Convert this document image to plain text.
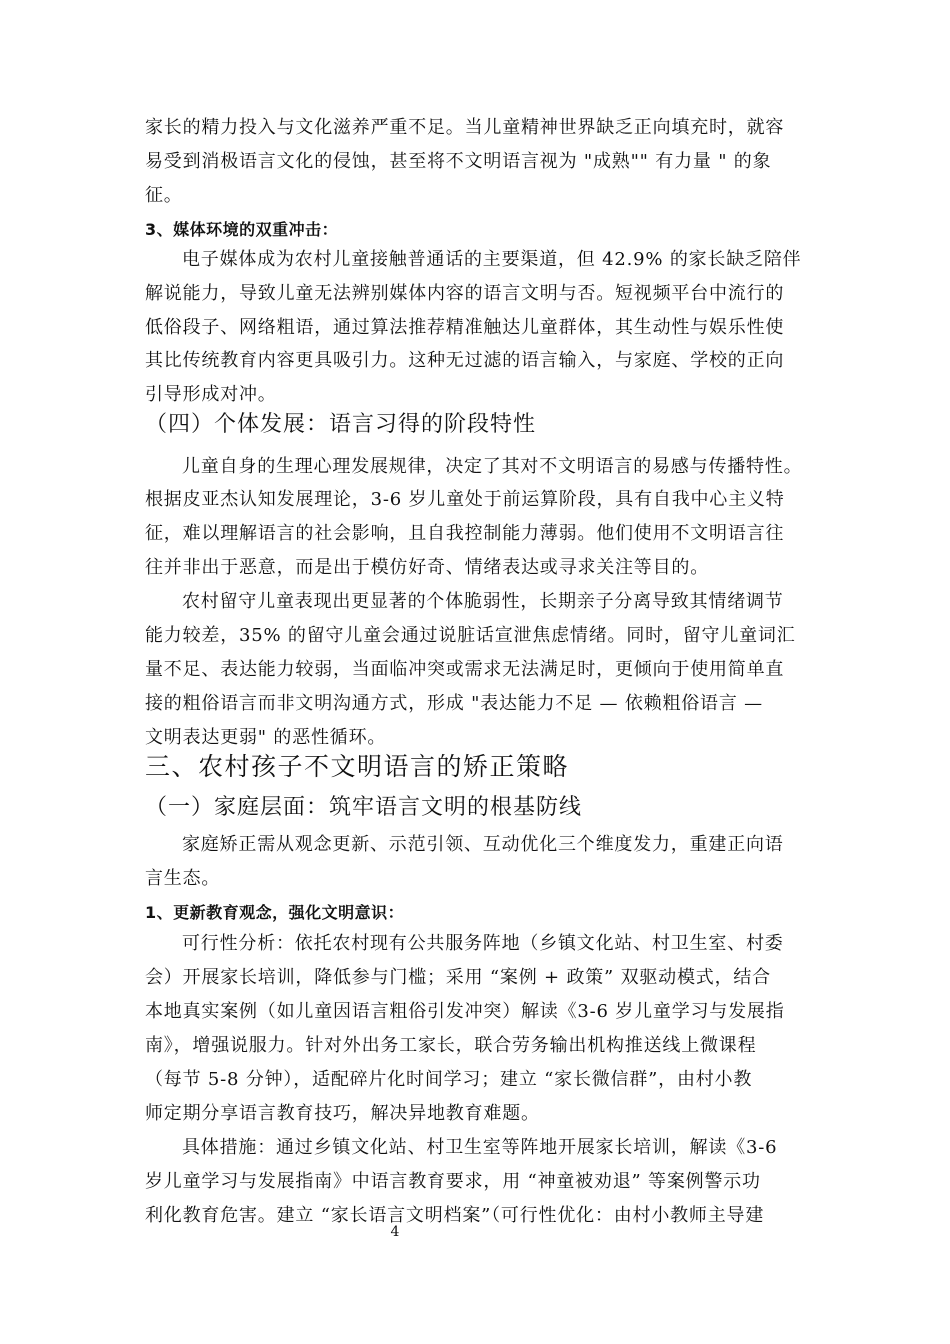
家长的精力投入与文化滋养严重不足。当儿童精神世界缺乏正向填充时，就容
易受到消极语言文化的侵蚀，甚至将不文明语言视为 "成熟"" 有力量 " 的象
征。
3、媒体环境的双重冲击：
电子媒体成为农村儿童接触普通话的主要渠道，但 42.9% 的家长缺乏陪伴
解说能力，导致儿童无法辨别媒体内容的语言文明与否。短视频平台中流行的
低俗段子、网络粗语，通过算法推荐精准触达儿童群体，其生动性与娱乐性使
其比传统教育内容更具吸引力。这种无过滤的语言输入，与家庭、学校的正向
引导形成对冲。
（四）个体发展：语言习得的阶段特性
儿童自身的生理心理发展规律，决定了其对不文明语言的易感与传播特性。
根据皮亚杰认知发展理论，3-6 岁儿童处于前运算阶段，具有自我中心主义特
征，难以理解语言的社会影响，且自我控制能力薄弱。他们使用不文明语言往
往并非出于恶意，而是出于模仿好奇、情绪表达或寻求关注等目的。
农村留守儿童表现出更显著的个体脆弱性，长期亲子分离导致其情绪调节
能力较差，35% 的留守儿童会通过说脏话宣泄焦虑情绪。同时，留守儿童词汇
量不足、表达能力较弱，当面临冲突或需求无法满足时，更倾向于使用简单直
接的粗俗语言而非文明沟通方式，形成 "表达能力不足 — 依赖粗俗语言 —
文明表达更弱" 的恶性循环。
三、农村孩子不文明语言的矫正策略
（一）家庭层面：筑牢语言文明的根基防线
家庭矫正需从观念更新、示范引领、互动优化三个维度发力，重建正向语
言生态。
1、更新教育观念，强化文明意识：
可行性分析：依托农村现有公共服务阵地（乡镇文化站、村卫生室、村委
会）开展家长培训，降低参与门槛；采用 “案例 + 政策” 双驱动模式，结合
本地真实案例（如儿童因语言粗俗引发冲突）解读《3-6 岁儿童学习与发展指
南》，增强说服力。针对外出务工家长，联合劳务输出机构推送线上微课程
（每节 5-8 分钟），适配碎片化时间学习；建立 “家长微信群”，由村小教
师定期分享语言教育技巧，解决异地教育难题。
具体措施：通过乡镇文化站、村卫生室等阵地开展家长培训，解读《3-6
岁儿童学习与发展指南》中语言教育要求，用 “神童被劝退” 等案例警示功
利化教育危害。建立 “家长语言文明档案”（可行性优化：由村小教师主导建
4
